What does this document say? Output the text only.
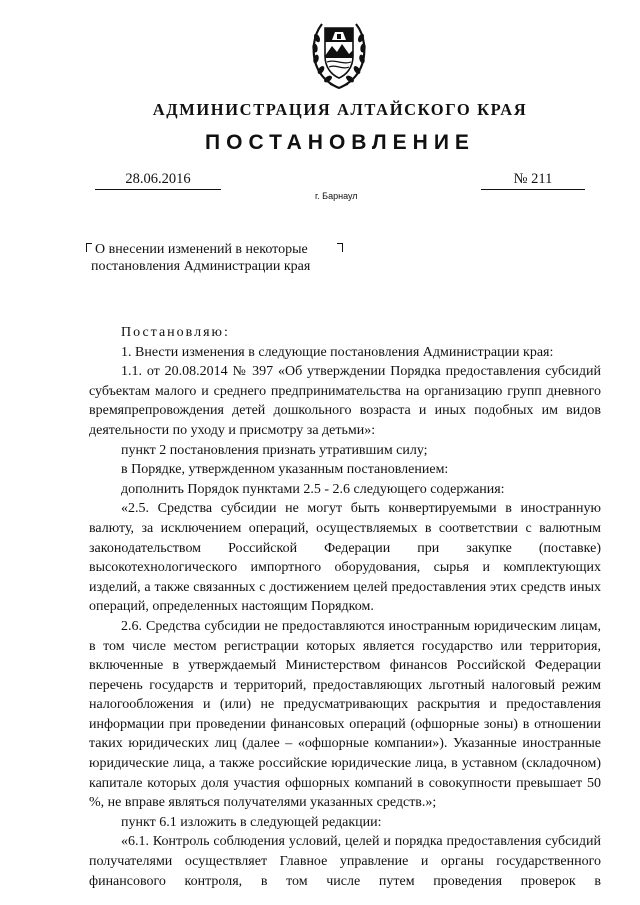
АДМИНИСТРАЦИЯ АЛТАЙСКОГО КРАЯ
ПОСТАНОВЛЕНИЕ
28.06.2016	№ 211
г. Барнаул
О внесении изменений в некоторые
постановления Администрации края

Постановляю:

1. Внести изменения в следующие постановления Администрации края:

1.1. от 20.08.2014 № 397 «Об утверждении Порядка предоставления субсидий субъектам малого и среднего предпринимательства на организацию групп дневного времяпрепровождения детей дошкольного возраста и иных подобных им видов деятельности по уходу и присмотру за детьми»:

пункт 2 постановления признать утратившим силу;

в Порядке, утвержденном указанным постановлением:

дополнить Порядок пунктами 2.5 - 2.6 следующего содержания:

«2.5. Средства субсидии не могут быть конвертируемыми в иностранную валюту, за исключением операций, осуществляемых в соответствии с валютным законодательством Российской Федерации при закупке (поставке) высокотехнологического импортного оборудования, сырья и комплектующих изделий, а также связанных с достижением целей предоставления этих средств иных операций, определенных настоящим Порядком.

2.6. Средства субсидии не предоставляются иностранным юридическим лицам, в том числе местом регистрации которых является государство или территория, включенные в утверждаемый Министерством финансов Российской Федерации перечень государств и территорий, предоставляющих льготный налоговый режим налогообложения и (или) не предусматривающих раскрытия и предоставления информации при проведении финансовых операций (офшорные зоны) в отношении таких юридических лиц (далее – «офшорные компании»). Указанные иностранные юридические лица, а также российские юридические лица, в уставном (складочном) капитале которых доля участия офшорных компаний в совокупности превышает 50 %, не вправе являться получателями указанных средств.»;

пункт 6.1 изложить в следующей редакции:

«6.1. Контроль соблюдения условий, целей и порядка предоставления субсидий получателями осуществляет Главное управление и органы государственного финансового контроля, в том числе путем проведения проверок в
